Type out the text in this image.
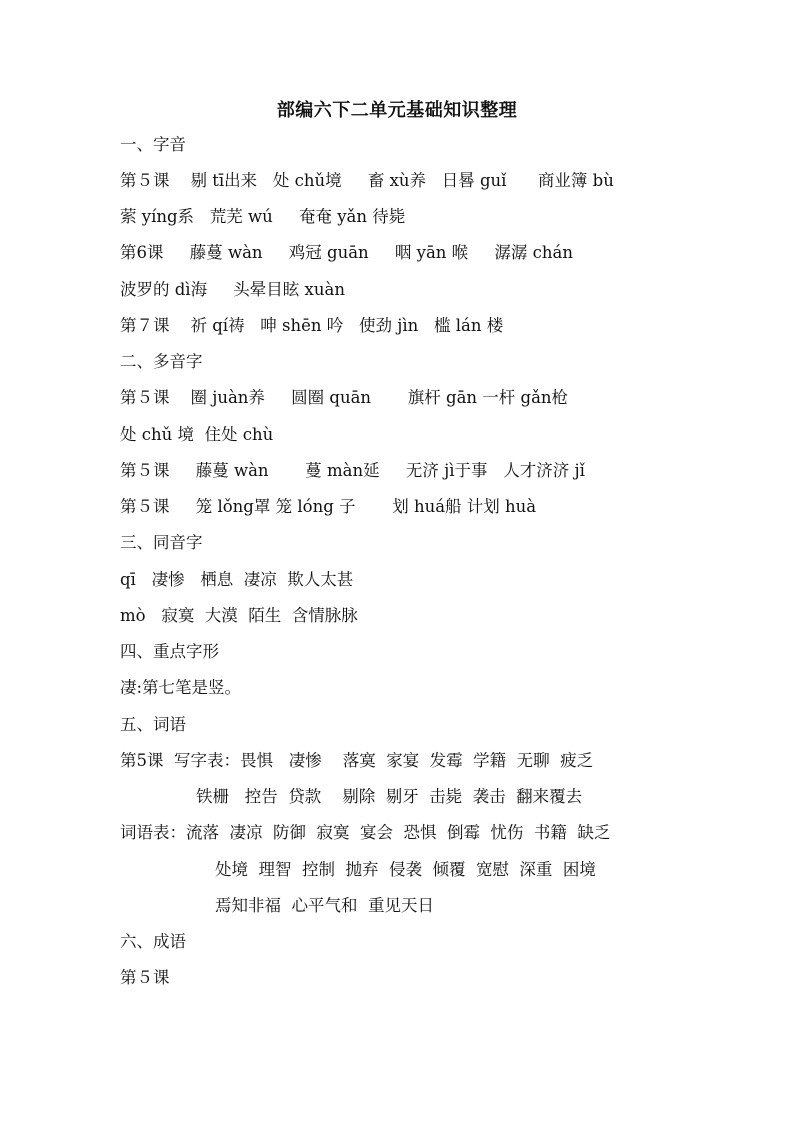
部编六下二单元基础知识整理
一、字音
第５课    剔 tī出来   处 chǔ境     畜 xù养   日晷 guǐ      商业簿 bù
萦 yíng系   荒芜 wú     奄奄 yǎn 待毙
第6课     藤蔓 wàn     鸡冠 guān     咽 yān 喉     潺潺 chán
波罗的 dì海     头晕目眩 xuàn
第７课    祈 qí祷   呻 shēn 吟   使劲 jìn   槛 lán 楼
二、多音字
第５课    圈 juàn养     圆圈 quān       旗杆 gān 一杆 gǎn枪
处 chǔ 境  住处 chù
第５课     藤蔓 wàn       蔓 màn延     无济 jì于事   人才济济 jǐ
第５课     笼 lǒng罩 笼 lóng 子       划 huá船 计划 huà
三、同音字
qī   凄惨   栖息  凄凉  欺人太甚
mò   寂寞  大漠  陌生  含情脉脉
四、重点字形
凄:第七笔是竖。
五、词语
第5课  写字表：畏惧   凄惨    落寞  家宴  发霉  学籍  无聊  疲乏
铁栅   控告  贷款    剔除  剔牙  击毙  袭击  翻来覆去
词语表：流落  凄凉  防御  寂寞  宴会  恐惧  倒霉  忧伤  书籍  缺乏
处境  理智  控制  抛弃  侵袭  倾覆  宽慰  深重  困境
焉知非福  心平气和  重见天日
六、成语
第５课
